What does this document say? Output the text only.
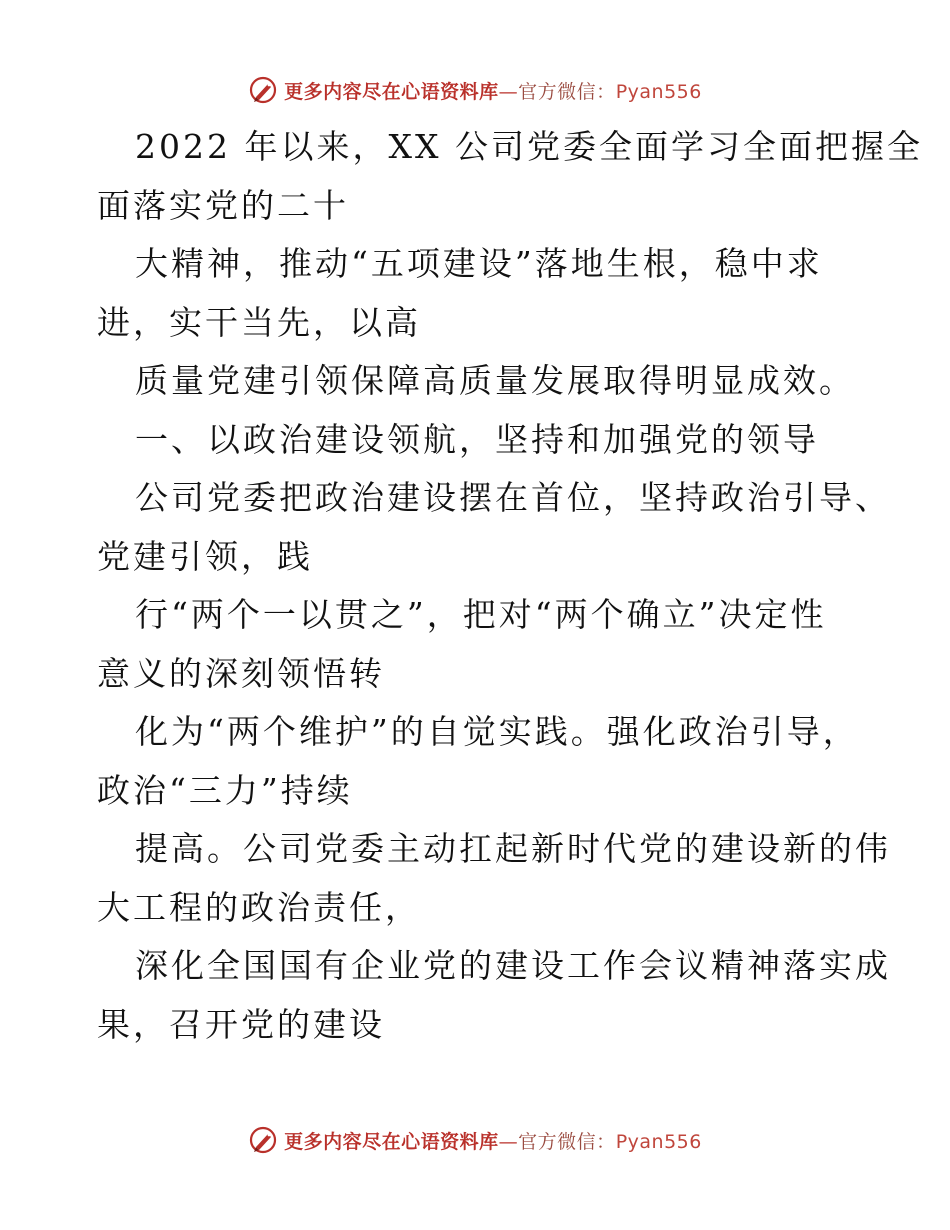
更多内容尽在心语资料库—官方微信：Pyan556
2022 年以来，XX 公司党委全面学习全面把握全
面落实党的二十
大精神，推动“五项建设”落地生根，稳中求
进，实干当先，以高
质量党建引领保障高质量发展取得明显成效。
一、以政治建设领航，坚持和加强党的领导
公司党委把政治建设摆在首位，坚持政治引导、
党建引领，践
行“两个一以贯之”，把对“两个确立”决定性
意义的深刻领悟转
化为“两个维护”的自觉实践。强化政治引导，
政治“三力”持续
提高。公司党委主动扛起新时代党的建设新的伟
大工程的政治责任，
深化全国国有企业党的建设工作会议精神落实成
果，召开党的建设
更多内容尽在心语资料库—官方微信：Pyan556
